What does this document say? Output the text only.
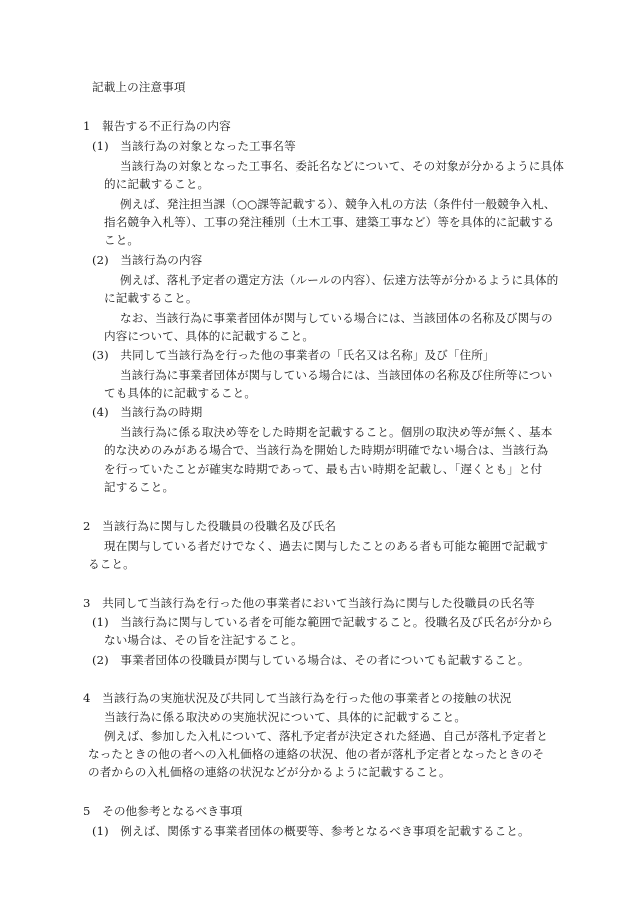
記載上の注意事項
1　報告する不正行為の内容
(1)　当該行為の対象となった工事名等
当該行為の対象となった工事名、委託名などについて、その対象が分かるように具体
的に記載すること。
例えば、発注担当課（○○課等記載する）、競争入札の方法（条件付一般競争入札、
指名競争入札等）、工事の発注種別（土木工事、建築工事など）等を具体的に記載する
こと。
(2)　当該行為の内容
例えば、落札予定者の選定方法（ルールの内容）、伝達方法等が分かるように具体的
に記載すること。
なお、当該行為に事業者団体が関与している場合には、当該団体の名称及び関与の
内容について、具体的に記載すること。
(3)　共同して当該行為を行った他の事業者の「氏名又は名称」及び「住所」
当該行為に事業者団体が関与している場合には、当該団体の名称及び住所等につい
ても具体的に記載すること。
(4)　当該行為の時期
当該行為に係る取決め等をした時期を記載すること。個別の取決め等が無く、基本
的な決めのみがある場合で、当該行為を開始した時期が明確でない場合は、当該行為
を行っていたことが確実な時期であって、最も古い時期を記載し、「遅くとも」と付
記すること。
2　当該行為に関与した役職員の役職名及び氏名
現在関与している者だけでなく、過去に関与したことのある者も可能な範囲で記載す
ること。
3　共同して当該行為を行った他の事業者において当該行為に関与した役職員の氏名等
(1)　当該行為に関与している者を可能な範囲で記載すること。役職名及び氏名が分から
ない場合は、その旨を注記すること。
(2)　事業者団体の役職員が関与している場合は、その者についても記載すること。
4　当該行為の実施状況及び共同して当該行為を行った他の事業者との接触の状況
当該行為に係る取決めの実施状況について、具体的に記載すること。
例えば、参加した入札について、落札予定者が決定された経過、自己が落札予定者と
なったときの他の者への入札価格の連絡の状況、他の者が落札予定者となったときのそ
の者からの入札価格の連絡の状況などが分かるように記載すること。
5　その他参考となるべき事項
(1)　例えば、関係する事業者団体の概要等、参考となるべき事項を記載すること。
